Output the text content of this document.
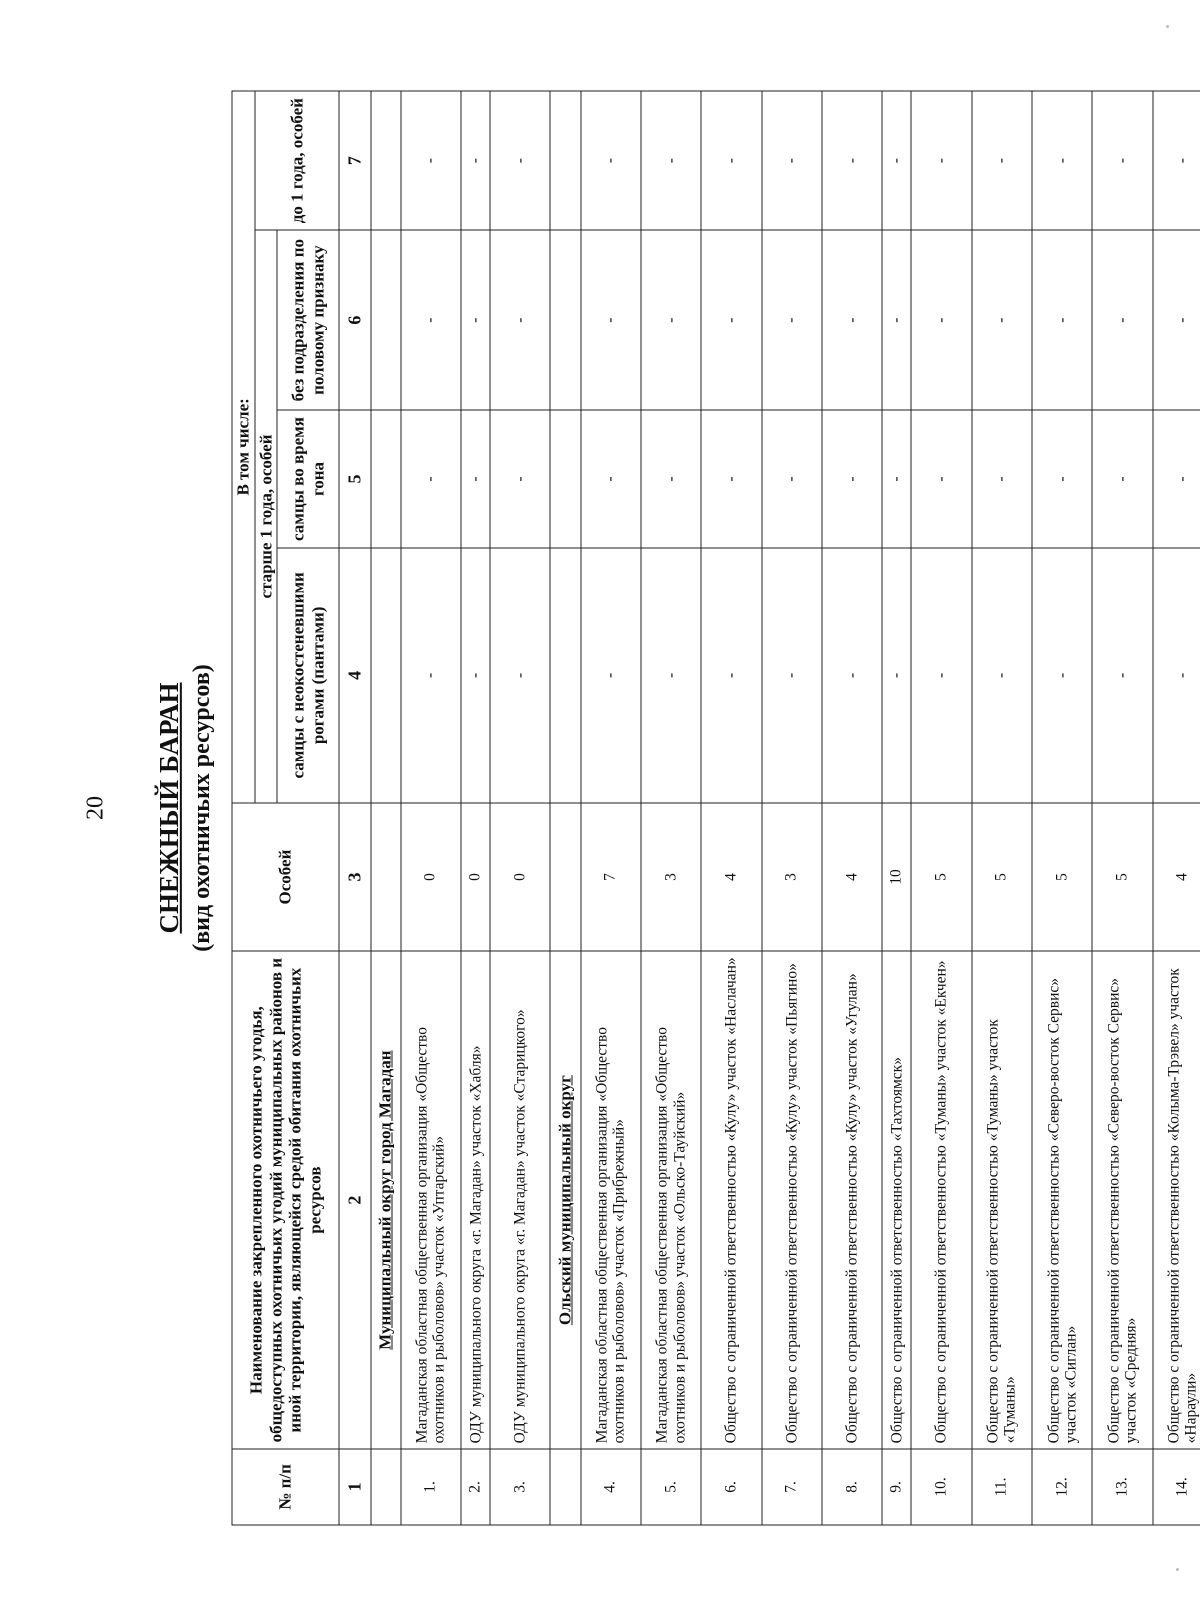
20 СНЕЖНЫЙ БАРАН (вид охотничьих ресурсов)
№ п/п	Наименование закрепленного охотничьего угодья, общедоступных охотничьих угодий муниципальных районов и иной территории, являющейся средой обитания охотничьих ресурсов	Особей	В том числе:			
			старше 1 года, особей			до 1 года, особей
			самцы с неокостеневшими рогами (пантами)	самцы во время гона	без подразделения по половому признаку	
1	2	3	4	5	6	7
	Муниципальный округ город Магадан					
1.	Магаданская областная общественная организация «Общество охотников и рыболовов» участок «Уптарский»	0	-	-	-	-
2.	ОДУ муниципального округа «г. Магадан» участок «Хабля»	0	-	-	-	-
3.	ОДУ муниципального округа «г. Магадан» участок «Старицкого»	0	-	-	-	-
	Ольский муниципальный округ					
4.	Магаданская областная общественная организация «Общество охотников и рыболовов» участок «Прибрежный»	7	-	-	-	-
5.	Магаданская областная общественная организация «Общество охотников и рыболовов» участок «Ольско-Тауйский»	3	-	-	-	-
6.	Общество с ограниченной ответственностью «Кулу» участок «Наслачан»	4	-	-	-	-
7.	Общество с ограниченной ответственностью «Кулу» участок «Пьягино»	3	-	-	-	-
8.	Общество с ограниченной ответственностью «Кулу» участок «Угулан»	4	-	-	-	-
9.	Общество с ограниченной ответственностью «Тахтоямск»	10	-	-	-	-
10.	Общество с ограниченной ответственностью «Туманы» участок «Екчен»	5	-	-	-	-
11.	Общество с ограниченной ответственностью «Туманы» участок «Туманы»	5	-	-	-	-
12.	Общество с ограниченной ответственностью «Северо-восток Сервис» участок «Сиглан»	5	-	-	-	-
13.	Общество с ограниченной ответственностью «Северо-восток Сервис» участок «Средняя»	5	-	-	-	-
14.	Общество с ограниченной ответственностью «Колыма-Трэвел» участок «Нараули»	4	-	-	-	-
